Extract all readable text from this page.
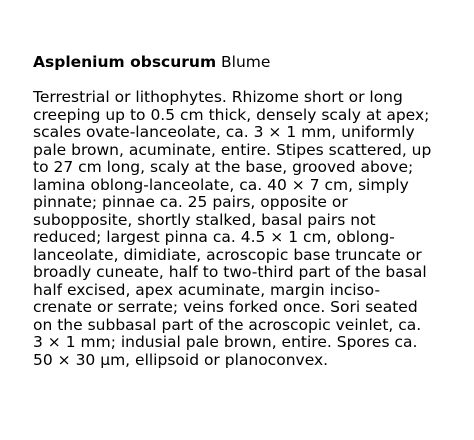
Asplenium obscurum Blume

Terrestrial or lithophytes. Rhizome short or long
creeping up to 0.5 cm thick, densely scaly at apex;
scales ovate-lanceolate, ca. 3 × 1 mm, uniformly
pale brown, acuminate, entire. Stipes scattered, up
to 27 cm long, scaly at the base, grooved above;
lamina oblong-lanceolate, ca. 40 × 7 cm, simply
pinnate; pinnae ca. 25 pairs, opposite or
subopposite, shortly stalked, basal pairs not
reduced; largest pinna ca. 4.5 × 1 cm, oblong-
lanceolate, dimidiate, acroscopic base truncate or
broadly cuneate, half to two-third part of the basal
half excised, apex acuminate, margin inciso-
crenate or serrate; veins forked once. Sori seated
on the subbasal part of the acroscopic veinlet, ca.
3 × 1 mm; indusial pale brown, entire. Spores ca.
50 × 30 µm, ellipsoid or planoconvex.
